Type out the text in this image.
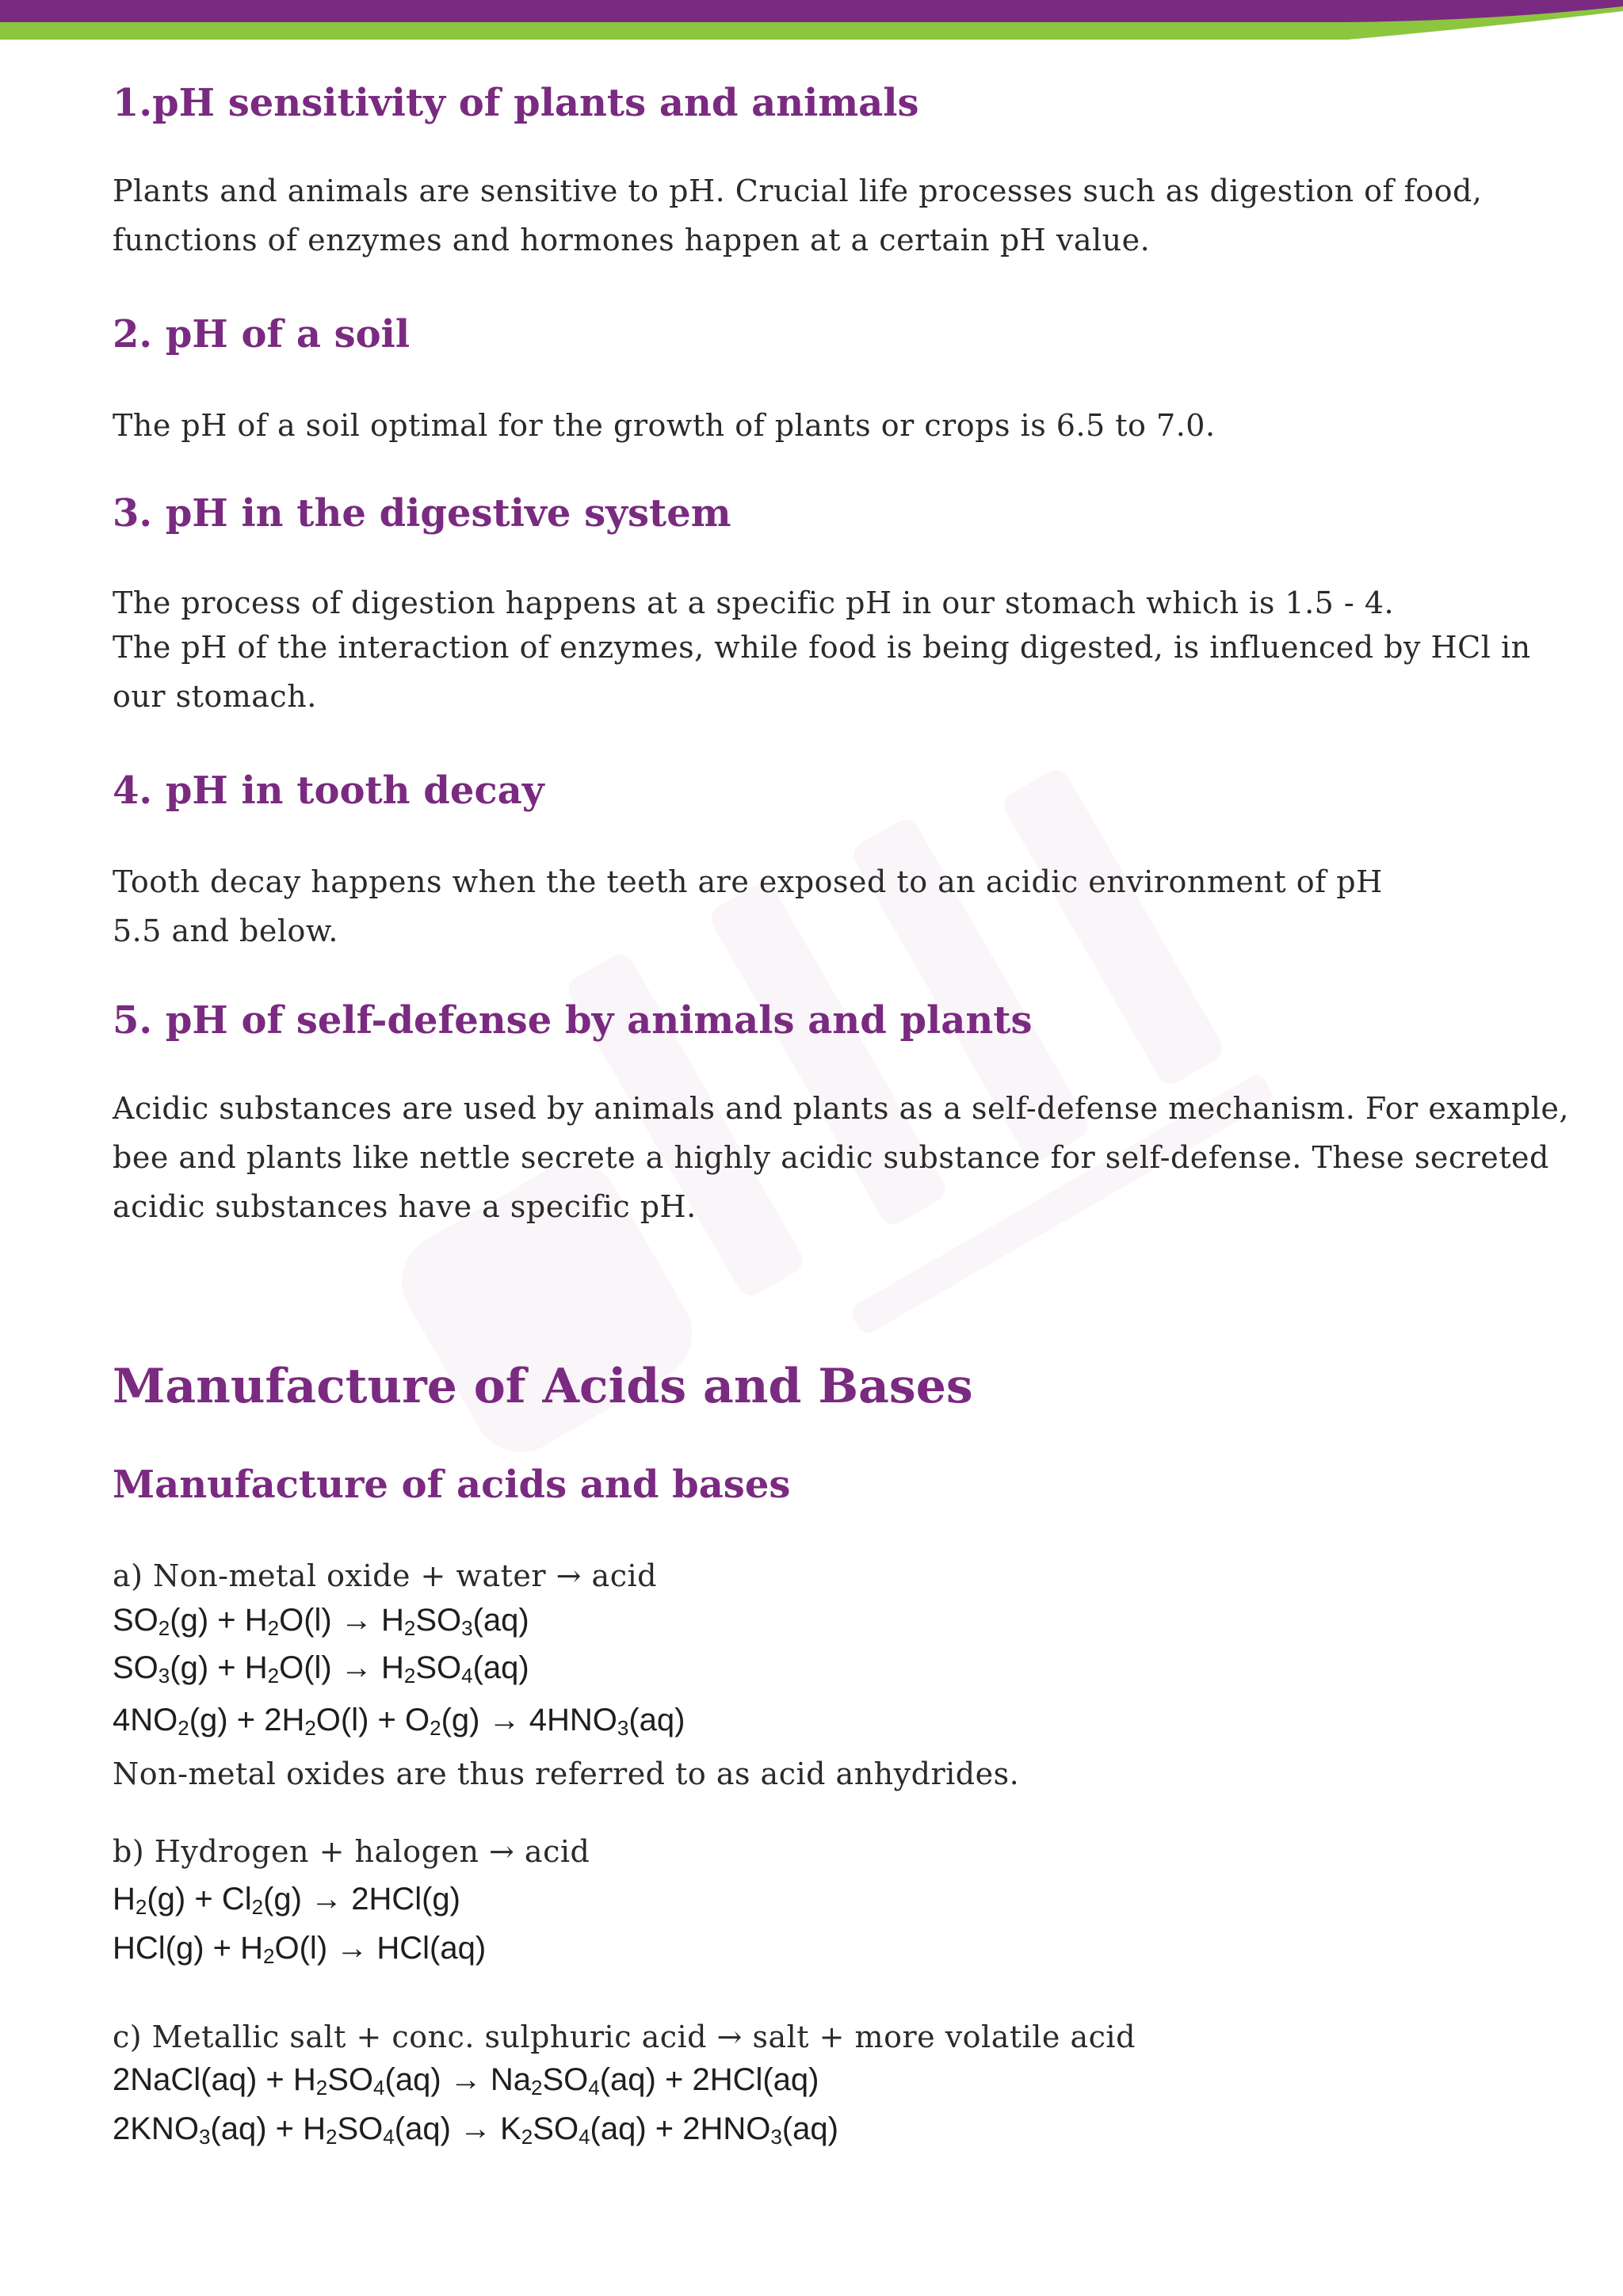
1.pH sensitivity of plants and animals

Plants and animals are sensitive to pH. Crucial life processes such as digestion of food,

functions of enzymes and hormones happen at a certain pH value.

2. pH of a soil

The pH of a soil optimal for the growth of plants or crops is 6.5 to 7.0.

3. pH in the digestive system

The process of digestion happens at a specific pH in our stomach which is 1.5 - 4.

The pH of the interaction of enzymes, while food is being digested, is influenced by HCl in

our stomach.

4. pH in tooth decay

Tooth decay happens when the teeth are exposed to an acidic environment of pH

5.5 and below.

5. pH of self-defense by animals and plants

Acidic substances are used by animals and plants as a self-defense mechanism. For example,

bee and plants like nettle secrete a highly acidic substance for self-defense. These secreted

acidic substances have a specific pH.

Manufacture of Acids and Bases
Manufacture of acids and bases

a) Non-metal oxide + water → acid

$SO_2(g) + H_2O(l) \to H_2SO_3(aq)$

$SO_3(g) + H_2O(l) \to H_2SO_4(aq)$

$4NO_2(g) + 2H_2O(l) + O_2(g) \to 4HNO_3(aq)$

Non-metal oxides are thus referred to as acid anhydrides.

b) Hydrogen + halogen → acid

$H_2(g) + Cl_2(g) \to 2HCl(g)$

$HCl(g) + H_2O(l) \to HCl(aq)$

c) Metallic salt + conc. sulphuric acid → salt + more volatile acid

2NaCl(aq) + $H_2SO_4(aq) \to Na_2SO_4(aq) + 2HCl(aq)$

$2KNO_3(aq) + H_2SO_4(aq) \to K_2SO_4(aq) + 2HNO_3(aq)$
